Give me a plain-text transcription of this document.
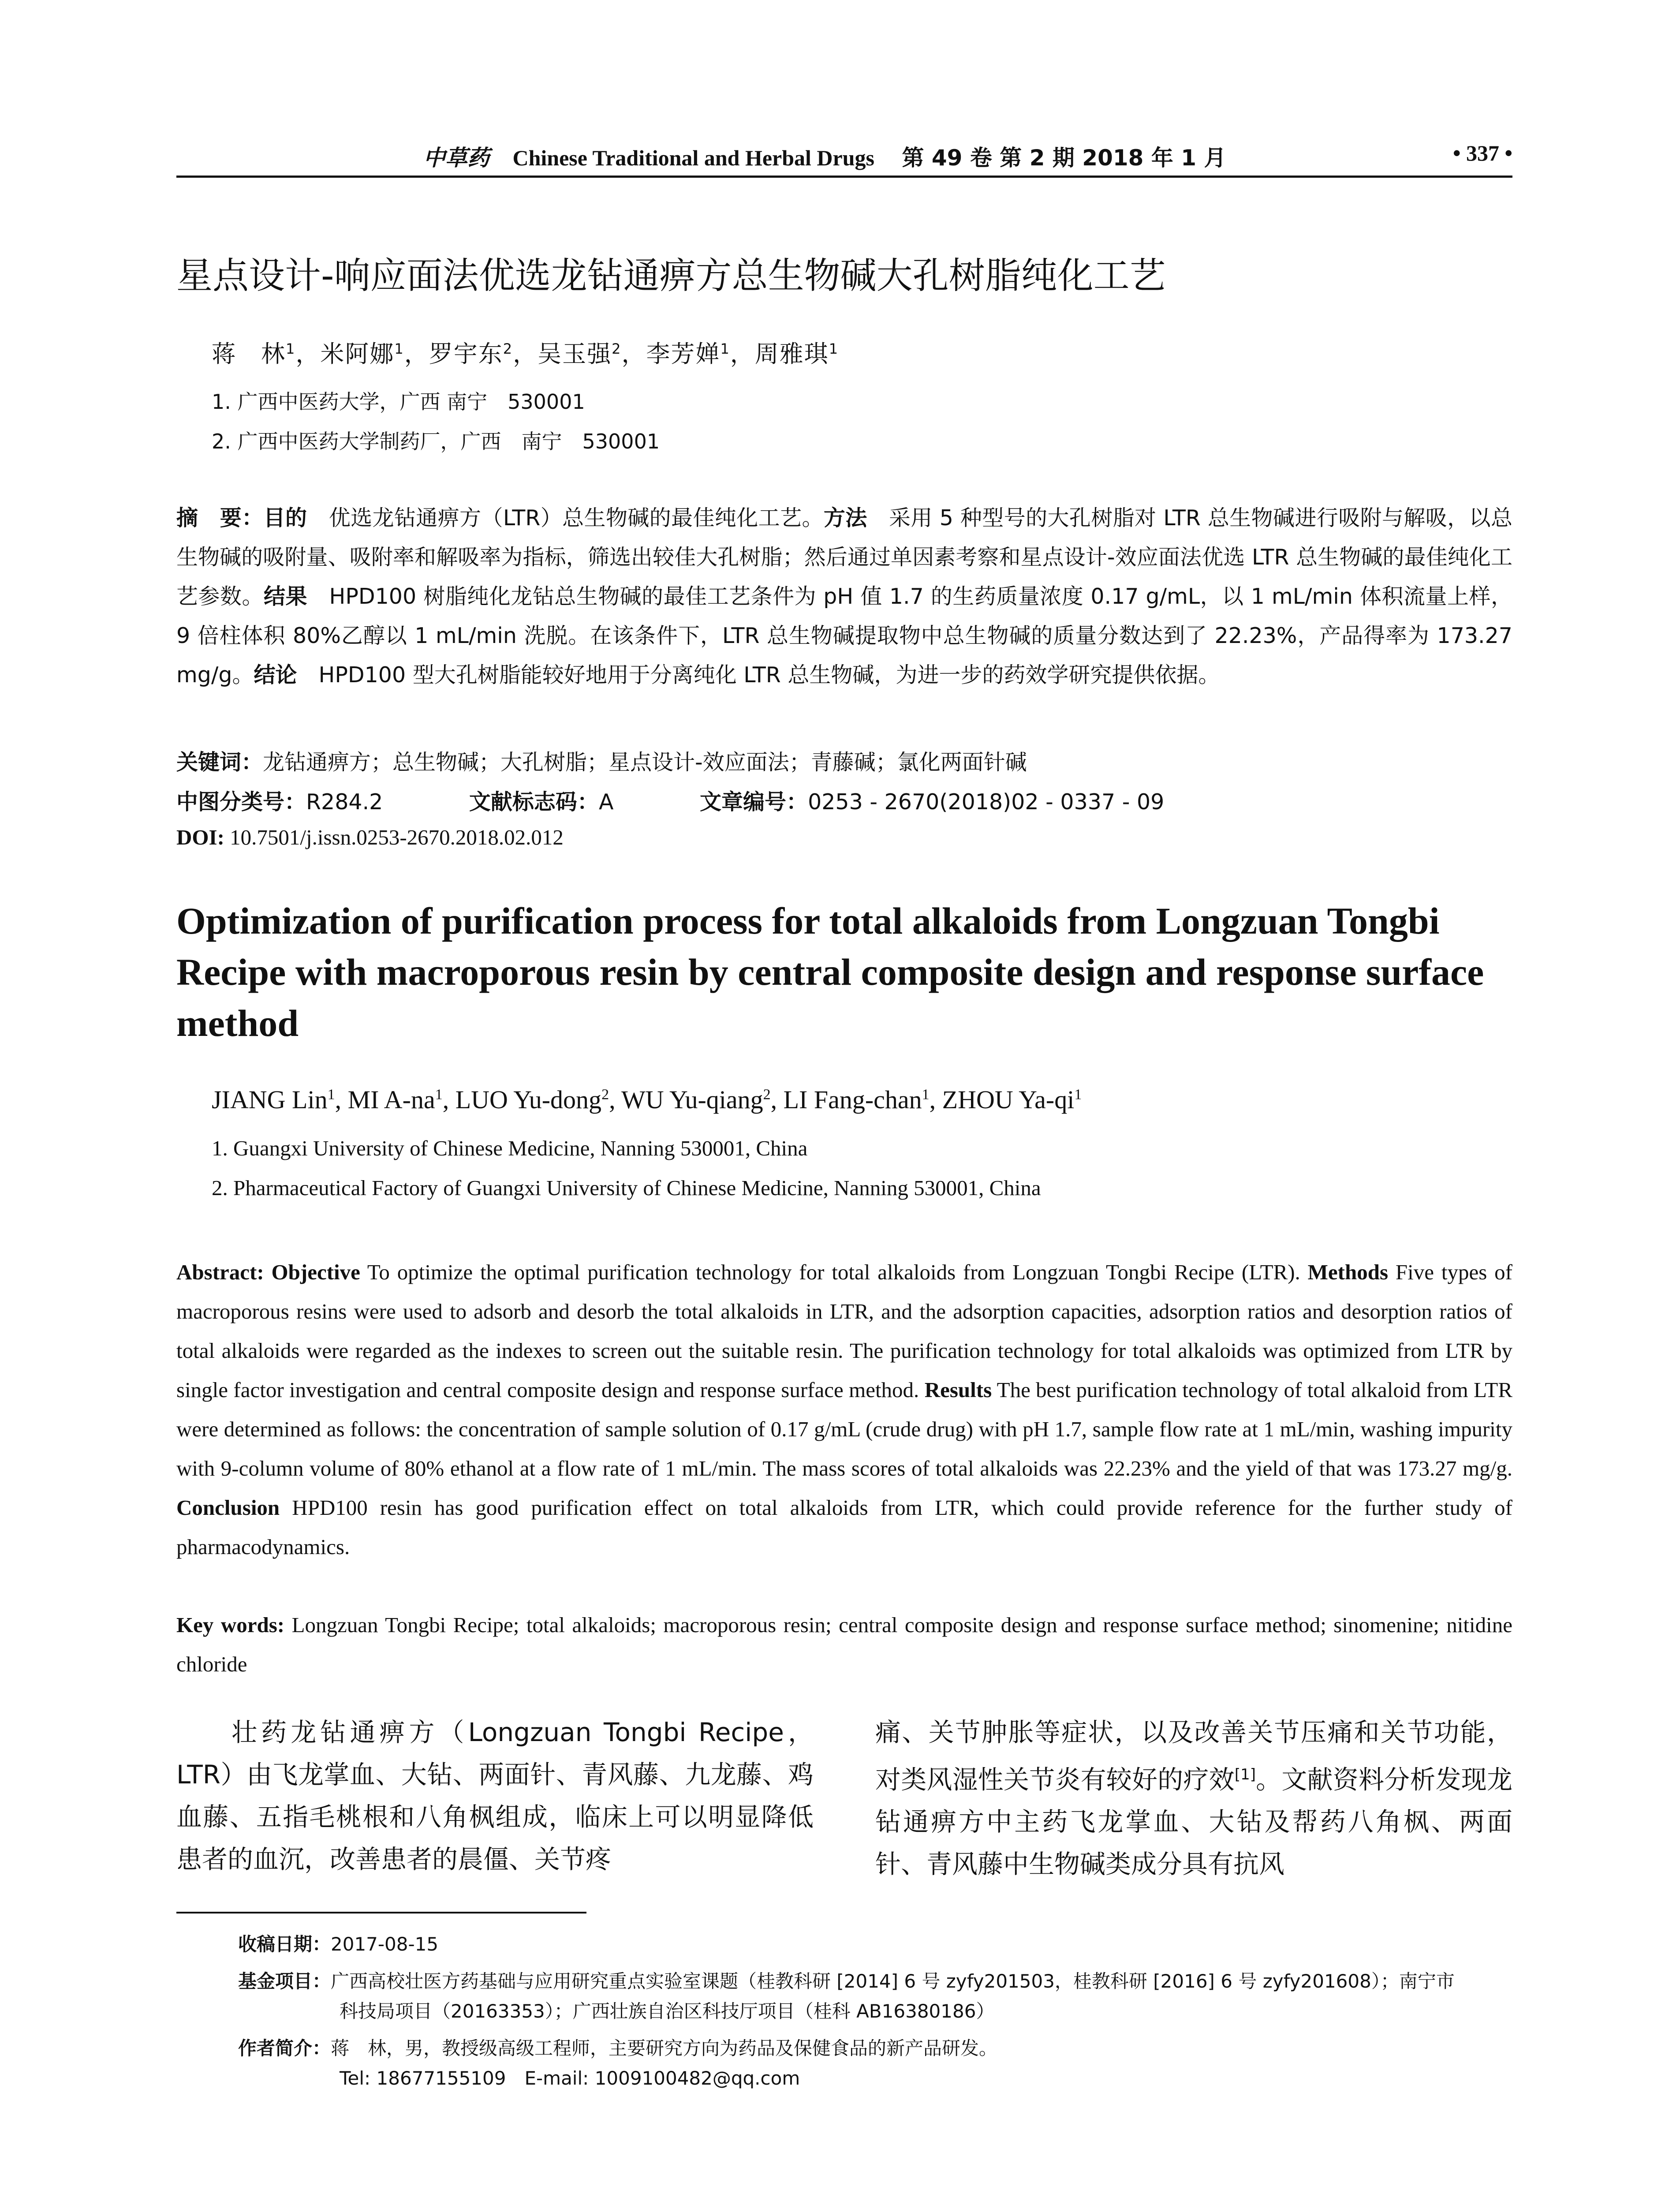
中草药 Chinese Traditional and Herbal Drugs 第 49 卷 第 2 期 2018 年 1 月	• 337 •
星点设计-响应面法优选龙钻通痹方总生物碱大孔树脂纯化工艺
蒋　林$^1$，米阿娜$^1$，罗宇东$^2$，吴玉强$^2$，李芳婵$^1$，周雅琪$^1$
1. 广西中医药大学，广西 南宁　530001
2. 广西中医药大学制药厂，广西　南宁　530001
摘　要：目的　优选龙钻通痹方（LTR）总生物碱的最佳纯化工艺。方法　采用 5 种型号的大孔树脂对 LTR 总生物碱进行吸附与解吸，以总生物碱的吸附量、吸附率和解吸率为指标，筛选出较佳大孔树脂；然后通过单因素考察和星点设计-效应面法优选 LTR 总生物碱的最佳纯化工艺参数。结果　HPD100 树脂纯化龙钻总生物碱的最佳工艺条件为 pH 值 1.7 的生药质量浓度 0.17 g/mL，以 1 mL/min 体积流量上样，9 倍柱体积 80%乙醇以 1 mL/min 洗脱。在该条件下，LTR 总生物碱提取物中总生物碱的质量分数达到了 22.23%，产品得率为 173.27 mg/g。结论　HPD100 型大孔树脂能较好地用于分离纯化 LTR 总生物碱，为进一步的药效学研究提供依据。
关键词：龙钻通痹方；总生物碱；大孔树脂；星点设计-效应面法；青藤碱；氯化两面针碱
中图分类号：R284.2	文献标志码：A	文章编号：0253 - 2670(2018)02 - 0337 - 09
DOI: 10.7501/j.issn.0253-2670.2018.02.012
Optimization of purification process for total alkaloids from Longzuan Tongbi Recipe with macroporous resin by central composite design and response surface method
JIANG Lin$^1$, MI $A-na^1$, LUO Yu-dong$^2$, WU Yu-qiang$^2$, LI Fang-chan$^1$, ZHOU $Ya-qi^1$
1. Guangxi University of Chinese Medicine, Nanning 530001, China
2. Pharmaceutical Factory of Guangxi University of Chinese Medicine, Nanning 530001, China
Abstract: Objective To optimize the optimal purification technology for total alkaloids from Longzuan Tongbi Recipe (LTR). Methods Five types of macroporous resins were used to adsorb and desorb the total alkaloids in LTR, and the adsorption capacities, adsorption ratios and desorption ratios of total alkaloids were regarded as the indexes to screen out the suitable resin. The purification technology for total alkaloids was optimized from LTR by single factor investigation and central composite design and response surface method. Results The best purification technology of total alkaloid from LTR were determined as follows: the concentration of sample solution of 0.17 g/mL (crude drug) with pH 1.7, sample flow rate at 1 mL/min, washing impurity with 9-column volume of 80% ethanol at a flow rate of 1 mL/min. The mass scores of total alkaloids was 22.23% and the yield of that was 173.27 mg/g. Conclusion HPD100 resin has good purification effect on total alkaloids from LTR, which could provide reference for the further study of pharmacodynamics.
Key words: Longzuan Tongbi Recipe; total alkaloids; macroporous resin; central composite design and response surface method; sinomenine; nitidine chloride
壮药龙钻通痹方（Longzuan Tongbi Recipe，LTR）由飞龙掌血、大钻、两面针、青风藤、九龙藤、鸡血藤、五指毛桃根和八角枫组成，临床上可以明显降低患者的血沉，改善患者的晨僵、关节疼
痛、关节肿胀等症状，以及改善关节压痛和关节功能，对类风湿性关节炎有较好的疗效[1]。文献资料分析发现龙钻通痹方中主药飞龙掌血、大钻及帮药八角枫、两面针、青风藤中生物碱类成分具有抗风
收稿日期：2017-08-15
基金项目：广西高校壮医方药基础与应用研究重点实验室课题（桂教科研 [2014] 6 号 zyfy201503，桂教科研 [2016] 6 号 zyfy201608）；南宁市
科技局项目（20163353）；广西壮族自治区科技厅项目（桂科 AB16380186）
作者简介：蒋　林，男，教授级高级工程师，主要研究方向为药品及保健食品的新产品研发。
Tel: 18677155109　E-mail: 1009100482@qq.com
